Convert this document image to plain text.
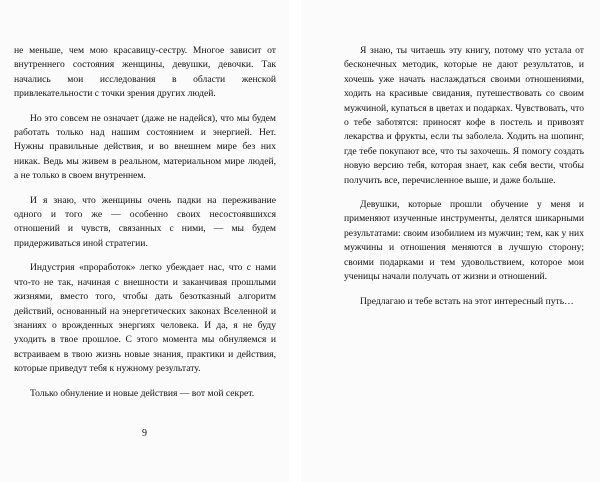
не меньше, чем мою красавицу-сестру. Многое зависит от внутреннего состояния женщины, девушки, девочки. Так начались мои исследования в области женской привлекательности с точки зрения других людей.

Но это совсем не означает (даже не надейся), что мы будем работать только над нашим состоянием и энергией. Нет. Нужны правильные действия, и во внешнем мире без них никак. Ведь мы живем в реальном, материальном мире людей, а не только в своем внутреннем.

И я знаю, что женщины очень падки на переживание одного и того же — особенно своих несостоявшихся отношений и чувств, связанных с ними, — мы будем придерживаться иной стратегии.

Индустрия «проработок» легко убеждает нас, что с нами что-то не так, начиная с внешности и заканчивая прошлыми жизнями, вместо того, чтобы дать безотказный алгоритм действий, основанный на энергетических законах Вселенной и знаниях о врожденных энергиях человека. И да, я не буду уходить в твое прошлое. С этого момента мы обнуляемся и встраиваем в твою жизнь новые знания, практики и действия, которые приведут тебя к нужному результату.

Только обнуление и новые действия — вот мой секрет.

9

Я знаю, ты читаешь эту книгу, потому что устала от бесконечных методик, которые не дают результатов, и хочешь уже начать наслаждаться своими отношениями, ходить на красивые свидания, путешествовать со своим мужчиной, купаться в цветах и подарках. Чувствовать, что о тебе заботятся: приносят кофе в постель и привозят лекарства и фрукты, если ты заболела. Ходить на шопинг, где тебе покупают все, что ты захочешь. Я помогу создать новую версию тебя, которая знает, как себя вести, чтобы получить все, перечисленное выше, и даже больше.

Девушки, которые прошли обучение у меня и применяют изученные инструменты, делятся шикарными результатами: своим изобилием из мужчин; тем, как у них мужчины и отношения меняются в лучшую сторону; своими подарками и тем удовольствием, которое мои ученицы начали получать от жизни и отношений.

Предлагаю и тебе встать на этот интересный путь…
